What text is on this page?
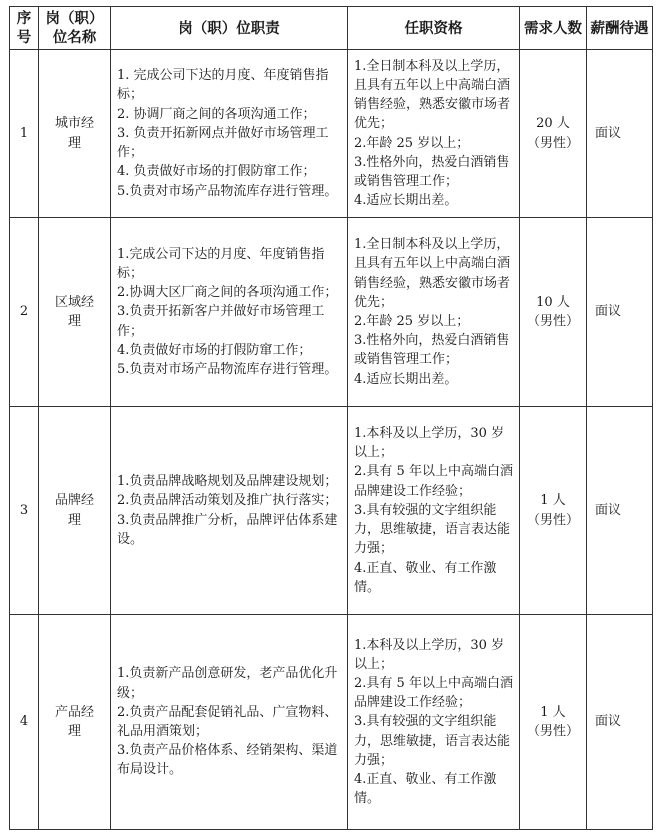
序号	岗（职）位名称	岗（职）位职责	任职资格	需求人数	薪酬待遇
1	城市经理	1. 完成公司下达的月度、年度销售指标；
2. 协调厂商之间的各项沟通工作；
3. 负责开拓新网点并做好市场管理工作；
4. 负责做好市场的打假防窜工作；
5.负责对市场产品物流库存进行管理。	1.全日制本科及以上学历，且具有五年以上中高端白酒销售经验，熟悉安徽市场者优先；
2.年龄 25 岁以上；
3.性格外向，热爱白酒销售或销售管理工作；
4.适应长期出差。	20 人
（男性）	面议
2	区域经理	1.完成公司下达的月度、年度销售指标；
2.协调大区厂商之间的各项沟通工作；
3.负责开拓新客户并做好市场管理工作；
4.负责做好市场的打假防窜工作；
5.负责对市场产品物流库存进行管理。	1.全日制本科及以上学历，且具有五年以上中高端白酒销售经验，熟悉安徽市场者优先；
2.年龄 25 岁以上；
3.性格外向，热爱白酒销售或销售管理工作；
4.适应长期出差。	10 人
（男性）	面议
3	品牌经理	1.负责品牌战略规划及品牌建设规划；
2.负责品牌活动策划及推广执行落实；
3.负责品牌推广分析，品牌评估体系建设。	1.本科及以上学历，30 岁以上；
2.具有 5 年以上中高端白酒品牌建设工作经验；
3.具有较强的文字组织能力，思维敏捷，语言表达能力强；
4.正直、敬业、有工作激情。	1 人
（男性）	面议
4	产品经理	1.负责新产品创意研发，老产品优化升级；
2.负责产品配套促销礼品、广宣物料、礼品用酒策划；
3.负责产品价格体系、经销架构、渠道布局设计。	1.本科及以上学历，30 岁以上；
2.具有 5 年以上中高端白酒品牌建设工作经验；
3.具有较强的文字组织能力，思维敏捷，语言表达能力强；
4.正直、敬业、有工作激情。	1 人
（男性）	面议
